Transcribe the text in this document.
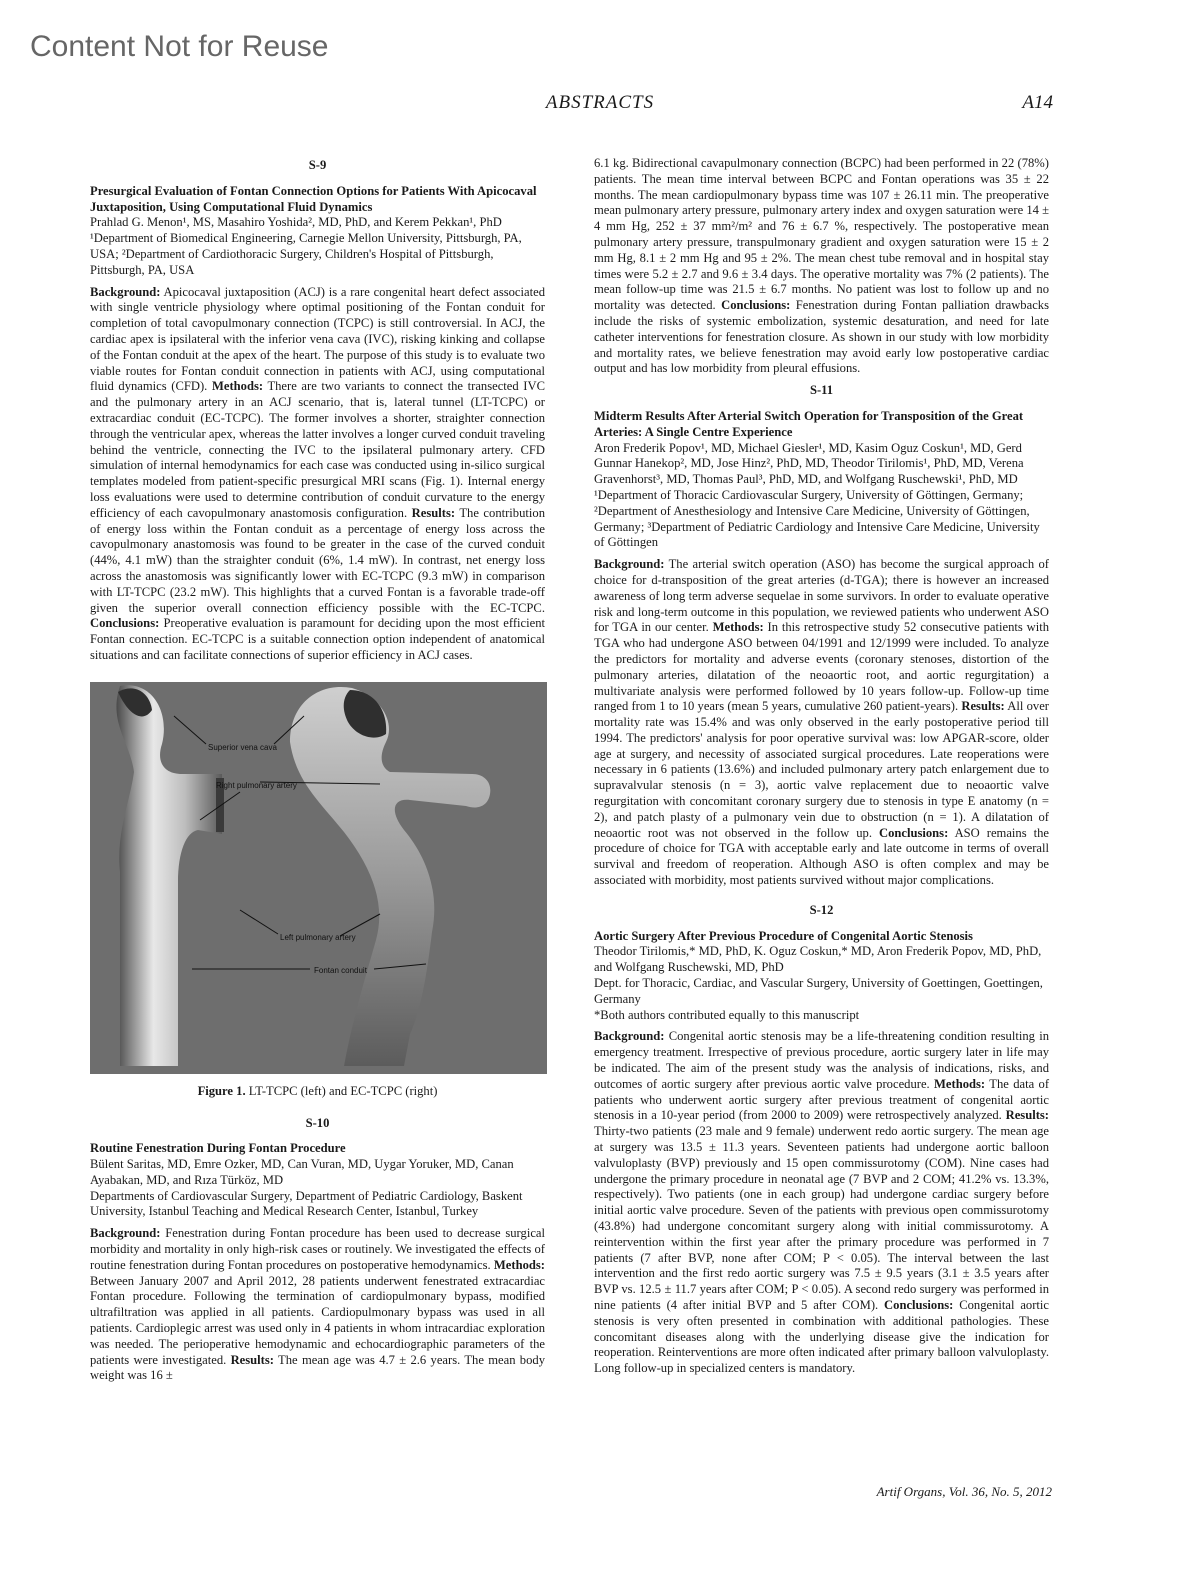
Content Not for Reuse
ABSTRACTS	A14

S-9

Presurgical Evaluation of Fontan Connection Options for Patients With Apicocaval Juxtaposition, Using Computational Fluid Dynamics

Prahlad G. Menon¹, MS, Masahiro Yoshida², MD, PhD, and Kerem Pekkan¹, PhD

¹Department of Biomedical Engineering, Carnegie Mellon University, Pittsburgh, PA, USA; ²Department of Cardiothoracic Surgery, Children's Hospital of Pittsburgh, Pittsburgh, PA, USA

Background: Apicocaval juxtaposition (ACJ) is a rare congenital heart defect associated with single ventricle physiology where optimal positioning of the Fontan conduit for completion of total cavopulmonary connection (TCPC) is still controversial. In ACJ, the cardiac apex is ipsilateral with the inferior vena cava (IVC), risking kinking and collapse of the Fontan conduit at the apex of the heart. The purpose of this study is to evaluate two viable routes for Fontan conduit connection in patients with ACJ, using computational fluid dynamics (CFD). Methods: There are two variants to connect the transected IVC and the pulmonary artery in an ACJ scenario, that is, lateral tunnel (LT-TCPC) or extracardiac conduit (EC-TCPC). The former involves a shorter, straighter connection through the ventricular apex, whereas the latter involves a longer curved conduit traveling behind the ventricle, connecting the IVC to the ipsilateral pulmonary artery. CFD simulation of internal hemodynamics for each case was conducted using in-silico surgical templates modeled from patient-specific presurgical MRI scans (Fig. 1). Internal energy loss evaluations were used to determine contribution of conduit curvature to the energy efficiency of each cavopulmonary anastomosis configuration. Results: The contribution of energy loss within the Fontan conduit as a percentage of energy loss across the cavopulmonary anastomosis was found to be greater in the case of the curved conduit (44%, 4.1 mW) than the straighter conduit (6%, 1.4 mW). In contrast, net energy loss across the anastomosis was significantly lower with EC-TCPC (9.3 mW) in comparison with LT-TCPC (23.2 mW). This highlights that a curved Fontan is a favorable trade-off given the superior overall connection efficiency possible with the EC-TCPC. Conclusions: Preoperative evaluation is paramount for deciding upon the most efficient Fontan connection. EC-TCPC is a suitable connection option independent of anatomical situations and can facilitate connections of superior efficiency in ACJ cases.

Superior vena cava
Right pulmonary artery
Left pulmonary artery
Fontan conduit

Figure 1. LT-TCPC (left) and EC-TCPC (right)

S-10

Routine Fenestration During Fontan Procedure

Bülent Saritas, MD, Emre Ozker, MD, Can Vuran, MD, Uygar Yoruker, MD, Canan Ayabakan, MD, and Rıza Türköz, MD

Departments of Cardiovascular Surgery, Department of Pediatric Cardiology, Baskent University, Istanbul Teaching and Medical Research Center, Istanbul, Turkey

Background: Fenestration during Fontan procedure has been used to decrease surgical morbidity and mortality in only high-risk cases or routinely. We investigated the effects of routine fenestration during Fontan procedures on postoperative hemodynamics. Methods: Between January 2007 and April 2012, 28 patients underwent fenestrated extracardiac Fontan procedure. Following the termination of cardiopulmonary bypass, modified ultrafiltration was applied in all patients. Cardiopulmonary bypass was used in all patients. Cardioplegic arrest was used only in 4 patients in whom intracardiac exploration was needed. The perioperative hemodynamic and echocardiographic parameters of the patients were investigated. Results: The mean age was 4.7 ± 2.6 years. The mean body weight was 16 ±

6.1 kg. Bidirectional cavapulmonary connection (BCPC) had been performed in 22 (78%) patients. The mean time interval between BCPC and Fontan operations was 35 ± 22 months. The mean cardiopulmonary bypass time was 107 ± 26.11 min. The preoperative mean pulmonary artery pressure, pulmonary artery index and oxygen saturation were 14 ± 4 mm Hg, 252 ± 37 mm²/m² and 76 ± 6.7 %, respectively. The postoperative mean pulmonary artery pressure, transpulmonary gradient and oxygen saturation were 15 ± 2 mm Hg, 8.1 ± 2 mm Hg and 95 ± 2%. The mean chest tube removal and in hospital stay times were 5.2 ± 2.7 and 9.6 ± 3.4 days. The operative mortality was 7% (2 patients). The mean follow-up time was 21.5 ± 6.7 months. No patient was lost to follow up and no mortality was detected. Conclusions: Fenestration during Fontan palliation drawbacks include the risks of systemic embolization, systemic desaturation, and need for late catheter interventions for fenestration closure. As shown in our study with low morbidity and mortality rates, we believe fenestration may avoid early low postoperative cardiac output and has low morbidity from pleural effusions.

S-11

Midterm Results After Arterial Switch Operation for Transposition of the Great Arteries: A Single Centre Experience

Aron Frederik Popov¹, MD, Michael Giesler¹, MD, Kasim Oguz Coskun¹, MD, Gerd Gunnar Hanekop², MD, Jose Hinz², PhD, MD, Theodor Tirilomis¹, PhD, MD, Verena Gravenhorst³, MD, Thomas Paul³, PhD, MD, and Wolfgang Ruschewski¹, PhD, MD

¹Department of Thoracic Cardiovascular Surgery, University of Göttingen, Germany; ²Department of Anesthesiology and Intensive Care Medicine, University of Göttingen, Germany; ³Department of Pediatric Cardiology and Intensive Care Medicine, University of Göttingen

Background: The arterial switch operation (ASO) has become the surgical approach of choice for d-transposition of the great arteries (d-TGA); there is however an increased awareness of long term adverse sequelae in some survivors. In order to evaluate operative risk and long-term outcome in this population, we reviewed patients who underwent ASO for TGA in our center. Methods: In this retrospective study 52 consecutive patients with TGA who had undergone ASO between 04/1991 and 12/1999 were included. To analyze the predictors for mortality and adverse events (coronary stenoses, distortion of the pulmonary arteries, dilatation of the neoaortic root, and aortic regurgitation) a multivariate analysis were performed followed by 10 years follow-up. Follow-up time ranged from 1 to 10 years (mean 5 years, cumulative 260 patient-years). Results: All over mortality rate was 15.4% and was only observed in the early postoperative period till 1994. The predictors' analysis for poor operative survival was: low APGAR-score, older age at surgery, and necessity of associated surgical procedures. Late reoperations were necessary in 6 patients (13.6%) and included pulmonary artery patch enlargement due to supravalvular stenosis (n = 3), aortic valve replacement due to neoaortic valve regurgitation with concomitant coronary surgery due to stenosis in type E anatomy (n = 2), and patch plasty of a pulmonary vein due to obstruction (n = 1). A dilatation of neoaortic root was not observed in the follow up. Conclusions: ASO remains the procedure of choice for TGA with acceptable early and late outcome in terms of overall survival and freedom of reoperation. Although ASO is often complex and may be associated with morbidity, most patients survived without major complications.

S-12

Aortic Surgery After Previous Procedure of Congenital Aortic Stenosis

Theodor Tirilomis,* MD, PhD, K. Oguz Coskun,* MD, Aron Frederik Popov, MD, PhD, and Wolfgang Ruschewski, MD, PhD

Dept. for Thoracic, Cardiac, and Vascular Surgery, University of Goettingen, Goettingen, Germany

*Both authors contributed equally to this manuscript

Background: Congenital aortic stenosis may be a life-threatening condition resulting in emergency treatment. Irrespective of previous procedure, aortic surgery later in life may be indicated. The aim of the present study was the analysis of indications, risks, and outcomes of aortic surgery after previous aortic valve procedure. Methods: The data of patients who underwent aortic surgery after previous treatment of congenital aortic stenosis in a 10-year period (from 2000 to 2009) were retrospectively analyzed. Results: Thirty-two patients (23 male and 9 female) underwent redo aortic surgery. The mean age at surgery was 13.5 ± 11.3 years. Seventeen patients had undergone aortic balloon valvuloplasty (BVP) previously and 15 open commissurotomy (COM). Nine cases had undergone the primary procedure in neonatal age (7 BVP and 2 COM; 41.2% vs. 13.3%, respectively). Two patients (one in each group) had undergone cardiac surgery before initial aortic valve procedure. Seven of the patients with previous open commissurotomy (43.8%) had undergone concomitant surgery along with initial commissurotomy. A reintervention within the first year after the primary procedure was performed in 7 patients (7 after BVP, none after COM; P < 0.05). The interval between the last intervention and the first redo aortic surgery was 7.5 ± 9.5 years (3.1 ± 3.5 years after BVP vs. 12.5 ± 11.7 years after COM; P < 0.05). A second redo surgery was performed in nine patients (4 after initial BVP and 5 after COM). Conclusions: Congenital aortic stenosis is very often presented in combination with additional pathologies. These concomitant diseases along with the underlying disease give the indication for reoperation. Reinterventions are more often indicated after primary balloon valvuloplasty. Long follow-up in specialized centers is mandatory.

Artif Organs, Vol. 36, No. 5, 2012
